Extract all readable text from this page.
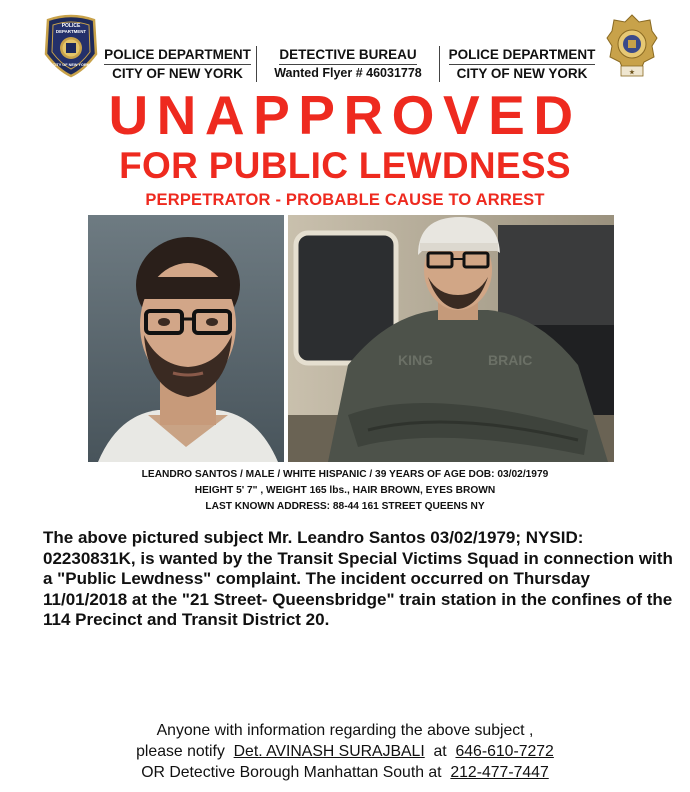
POLICE
DEPARTMENT
CITY OF NEW YORK
★
POLICE DEPARTMENT
CITY OF NEW YORK
DETECTIVE BUREAU
Wanted Flyer # 46031778
POLICE DEPARTMENT
CITY OF NEW YORK
UNAPPROVED
FOR PUBLIC LEWDNESS
PERPETRATOR - PROBABLE CAUSE TO ARREST
KING	BRAIC
LEANDRO SANTOS / MALE / WHITE HISPANIC / 39 YEARS OF AGE DOB: 03/02/1979
HEIGHT 5' 7" , WEIGHT 165 lbs., HAIR BROWN, EYES BROWN
LAST KNOWN ADDRESS: 88-44 161 STREET QUEENS NY
The above pictured subject Mr. Leandro Santos 03/02/1979; NYSID: 02230831K, is wanted by the Transit Special Victims Squad in connection with a "Public Lewdness" complaint. The incident occurred on Thursday 11/01/2018 at the "21 Street- Queensbridge" train station in the confines of the 114 Precinct and Transit District 20.
Anyone with information regarding the above subject ,
please notify Det. AVINASH SURAJBALI at 646-610-7272
OR Detective Borough Manhattan South at 212-477-7447
